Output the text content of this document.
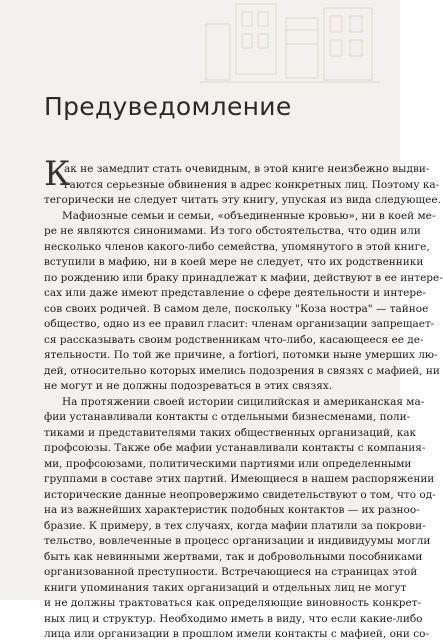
Предуведомление
К
ак не замедлит стать очевидным, в этой книге неизбежно выдви-
гаются серьезные обвинения в адрес конкретных лиц. Поэтому ка-
тегорически не следует читать эту книгу, упуская из вида следующее.
Мафиозные семьи и семьи, «объединенные кровью», ни в коей ме-
ре не являются синонимами. Из того обстоятельства, что один или
несколько членов какого-либо семейства, упомянутого в этой книге,
вступили в мафию, ни в коей мере не следует, что их родственники
по рождению или браку принадлежат к мафии, действуют в ее интере-
сах или даже имеют представление о сфере деятельности и интере-
сов своих родичей. В самом деле, поскольку "Коза ностра" — тайное
общество, одно из ее правил гласит: членам организации запрещает-
ся рассказывать своим родственникам что-либо, касающееся ее де-
ятельности. По той же причине, a fortiori, потомки ныне умерших лю-
дей, относительно которых имелись подозрения в связях с мафией, ни
не могут и не должны подозреваться в этих связях.
На протяжении своей истории сицилийская и американская ма-
фии устанавливали контакты с отдельными бизнесменами, поли-
тиками и представителями таких общественных организаций, как
профсоюзы. Также обе мафии устанавливали контакты с компания-
ми, профсоюзами, политическими партиями или определенными
группами в составе этих партий. Имеющиеся в нашем распоряжении
исторические данные неопровержимо свидетельствуют о том, что од-
на из важнейших характеристик подобных контактов — их разноо-
бразие. К примеру, в тех случаях, когда мафии платили за покрови-
тельство, вовлеченные в процесс организации и индивидуумы могли
быть как невинными жертвами, так и добровольными пособниками
организованной преступности. Встречающиеся на страницах этой
книги упоминания таких организаций и отдельных лиц не могут
и не должны трактоваться как определяющие виновность конкрет-
ных лиц и структур. Необходимо иметь в виду, что если какие-либо
лица или организации в прошлом имели контакты с мафией, они со-
